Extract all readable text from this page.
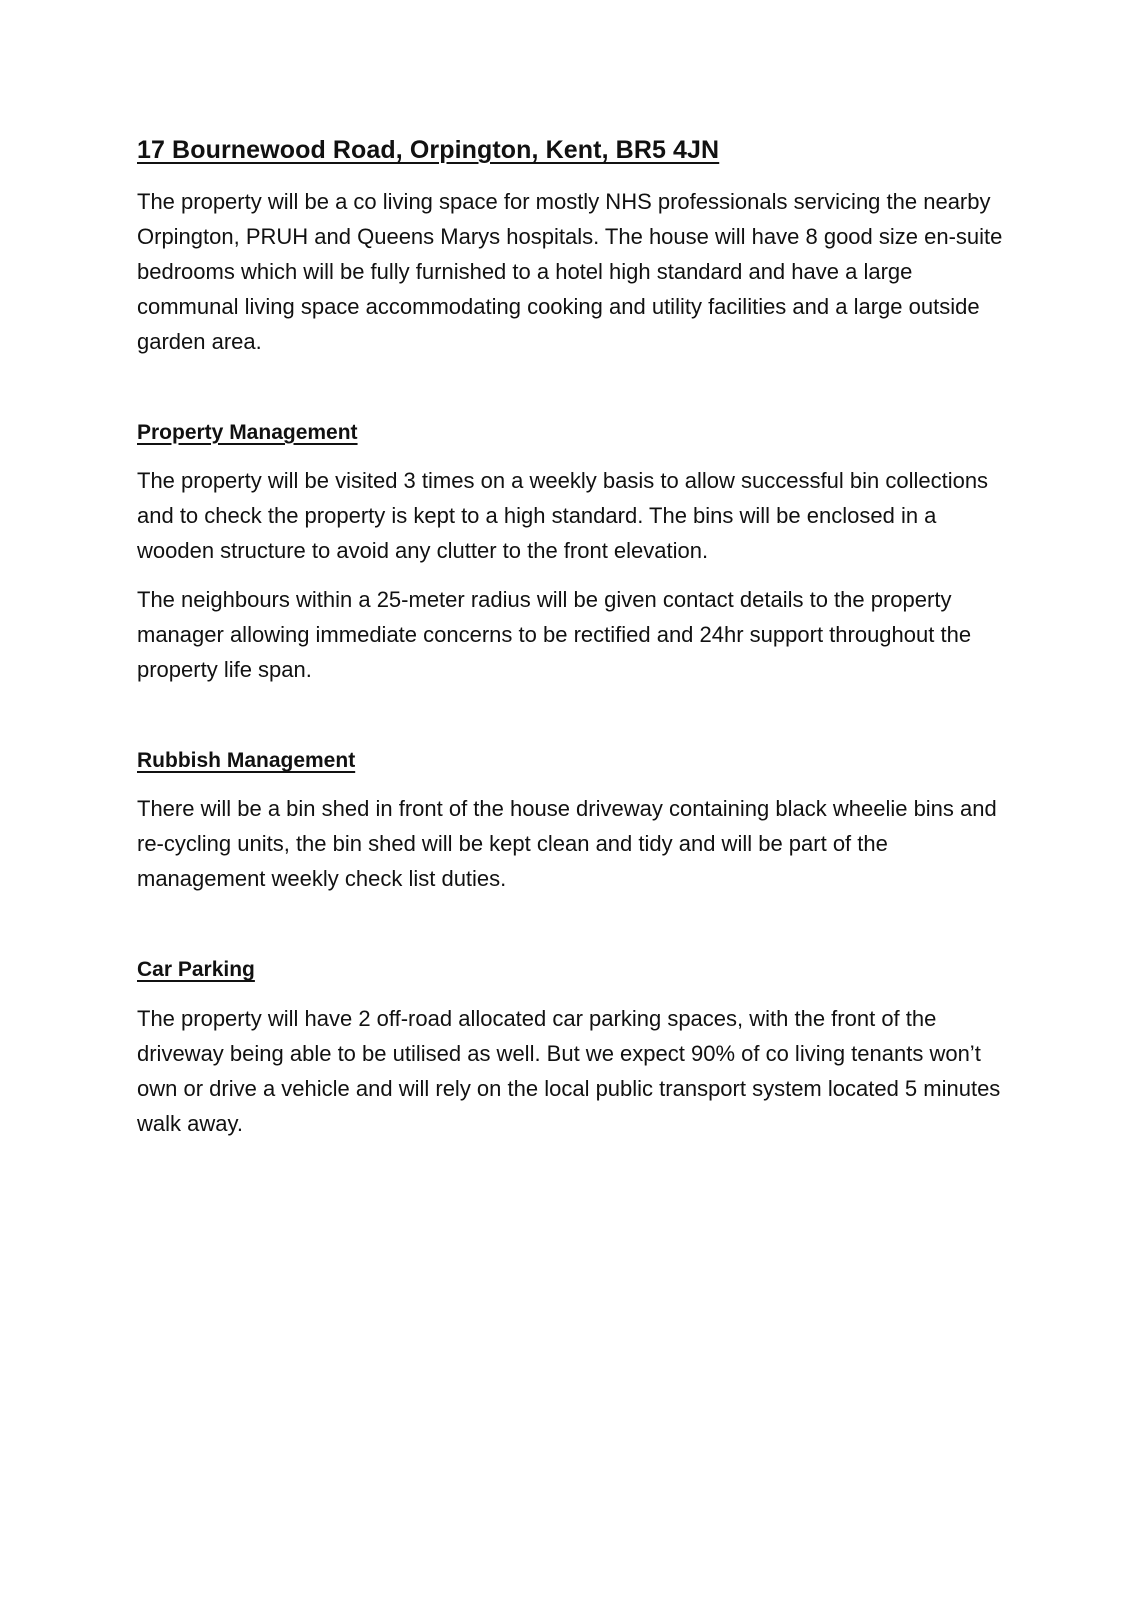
17 Bournewood Road, Orpington, Kent, BR5 4JN

The property will be a co living space for mostly NHS professionals servicing the nearby Orpington, PRUH and Queens Marys hospitals. The house will have 8 good size en-suite bedrooms which will be fully furnished to a hotel high standard and have a large communal living space accommodating cooking and utility facilities and a large outside garden area.

Property Management

The property will be visited 3 times on a weekly basis to allow successful bin collections and to check the property is kept to a high standard. The bins will be enclosed in a wooden structure to avoid any clutter to the front elevation.

The neighbours within a 25-meter radius will be given contact details to the property manager allowing immediate concerns to be rectified and 24hr support throughout the property life span.

Rubbish Management

There will be a bin shed in front of the house driveway containing black wheelie bins and re-cycling units, the bin shed will be kept clean and tidy and will be part of the management weekly check list duties.

Car Parking

The property will have 2 off-road allocated car parking spaces, with the front of the driveway being able to be utilised as well. But we expect 90% of co living tenants won’t own or drive a vehicle and will rely on the local public transport system located 5 minutes walk away.
